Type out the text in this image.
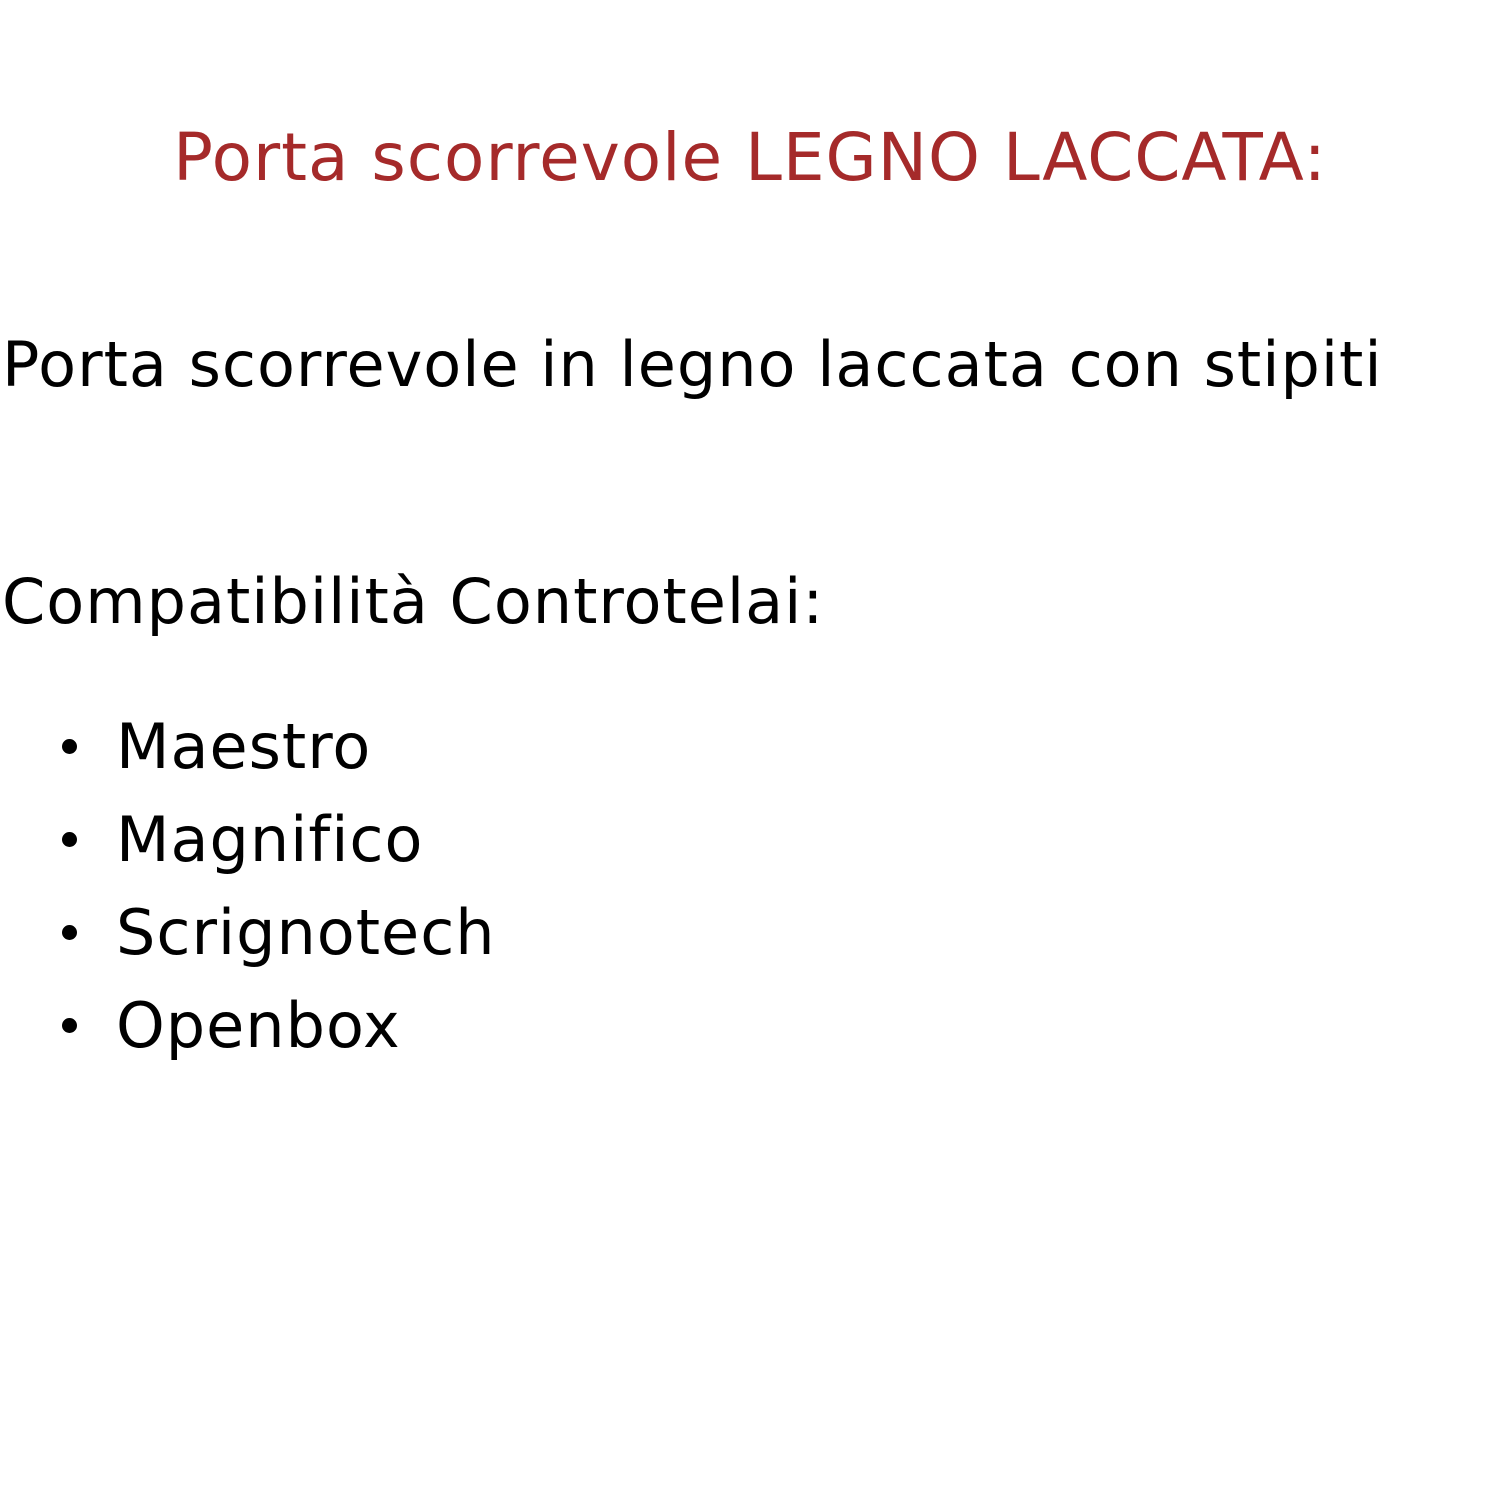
Porta scorrevole LEGNO LACCATA:

Porta scorrevole in legno laccata con stipiti

Compatibilità Controtelai:

Maestro
Magnifico
Scrignotech
Openbox
